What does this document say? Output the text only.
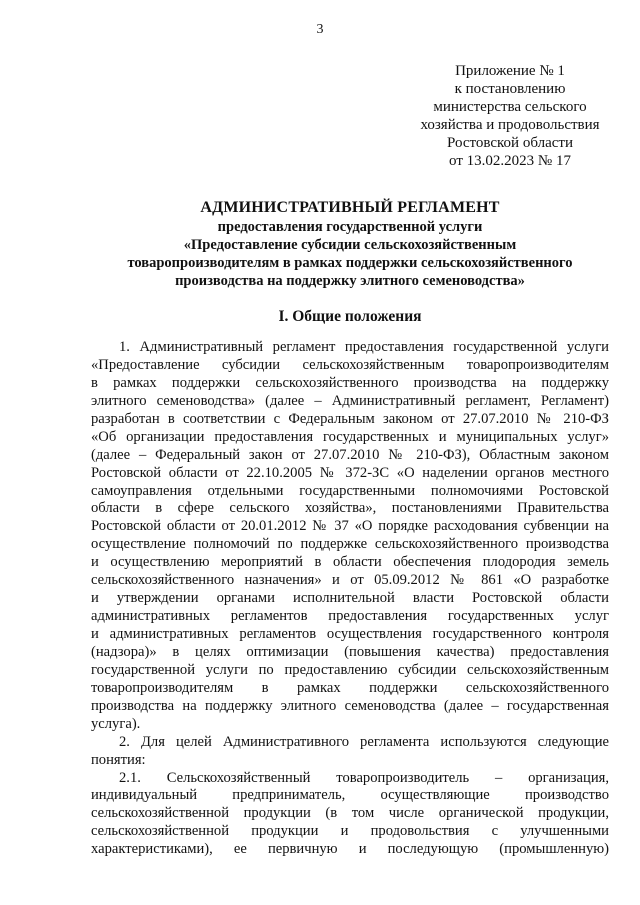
3
Приложение № 1
к постановлению
министерства сельского
хозяйства и продовольствия
Ростовской области
от 13.02.2023 № 17
АДМИНИСТРАТИВНЫЙ РЕГЛАМЕНТ
предоставления государственной услуги
«Предоставление субсидии сельскохозяйственным
товаропроизводителям в рамках поддержки сельскохозяйственного
производства на поддержку элитного семеноводства»
I. Общие положения
1. Административный регламент предоставления государственной услуги
«Предоставление субсидии сельскохозяйственным товаропроизводителям
в рамках поддержки сельскохозяйственного производства на поддержку
элитного семеноводства» (далее – Административный регламент, Регламент)
разработан в соответствии с Федеральным законом от 27.07.2010 № 210-ФЗ
«Об организации предоставления государственных и муниципальных услуг»
(далее – Федеральный закон от 27.07.2010 № 210-ФЗ), Областным законом
Ростовской области от 22.10.2005 № 372-ЗС «О наделении органов местного
самоуправления отдельными государственными полномочиями Ростовской
области в сфере сельского хозяйства», постановлениями Правительства
Ростовской области от 20.01.2012 № 37 «О порядке расходования субвенции на
осуществление полномочий по поддержке сельскохозяйственного производства
и осуществлению мероприятий в области обеспечения плодородия земель
сельскохозяйственного назначения» и от 05.09.2012 № 861 «О разработке
и утверждении органами исполнительной власти Ростовской области
административных регламентов предоставления государственных услуг
и административных регламентов осуществления государственного контроля
(надзора)» в целях оптимизации (повышения качества) предоставления
государственной услуги по предоставлению субсидии сельскохозяйственным
товаропроизводителям в рамках поддержки сельскохозяйственного
производства на поддержку элитного семеноводства (далее – государственная
услуга).
2. Для целей Административного регламента используются следующие
понятия:
2.1. Сельскохозяйственный товаропроизводитель – организация,
индивидуальный предприниматель, осуществляющие производство
сельскохозяйственной продукции (в том числе органической продукции,
сельскохозяйственной продукции и продовольствия с улучшенными
характеристиками), ее первичную и последующую (промышленную)
